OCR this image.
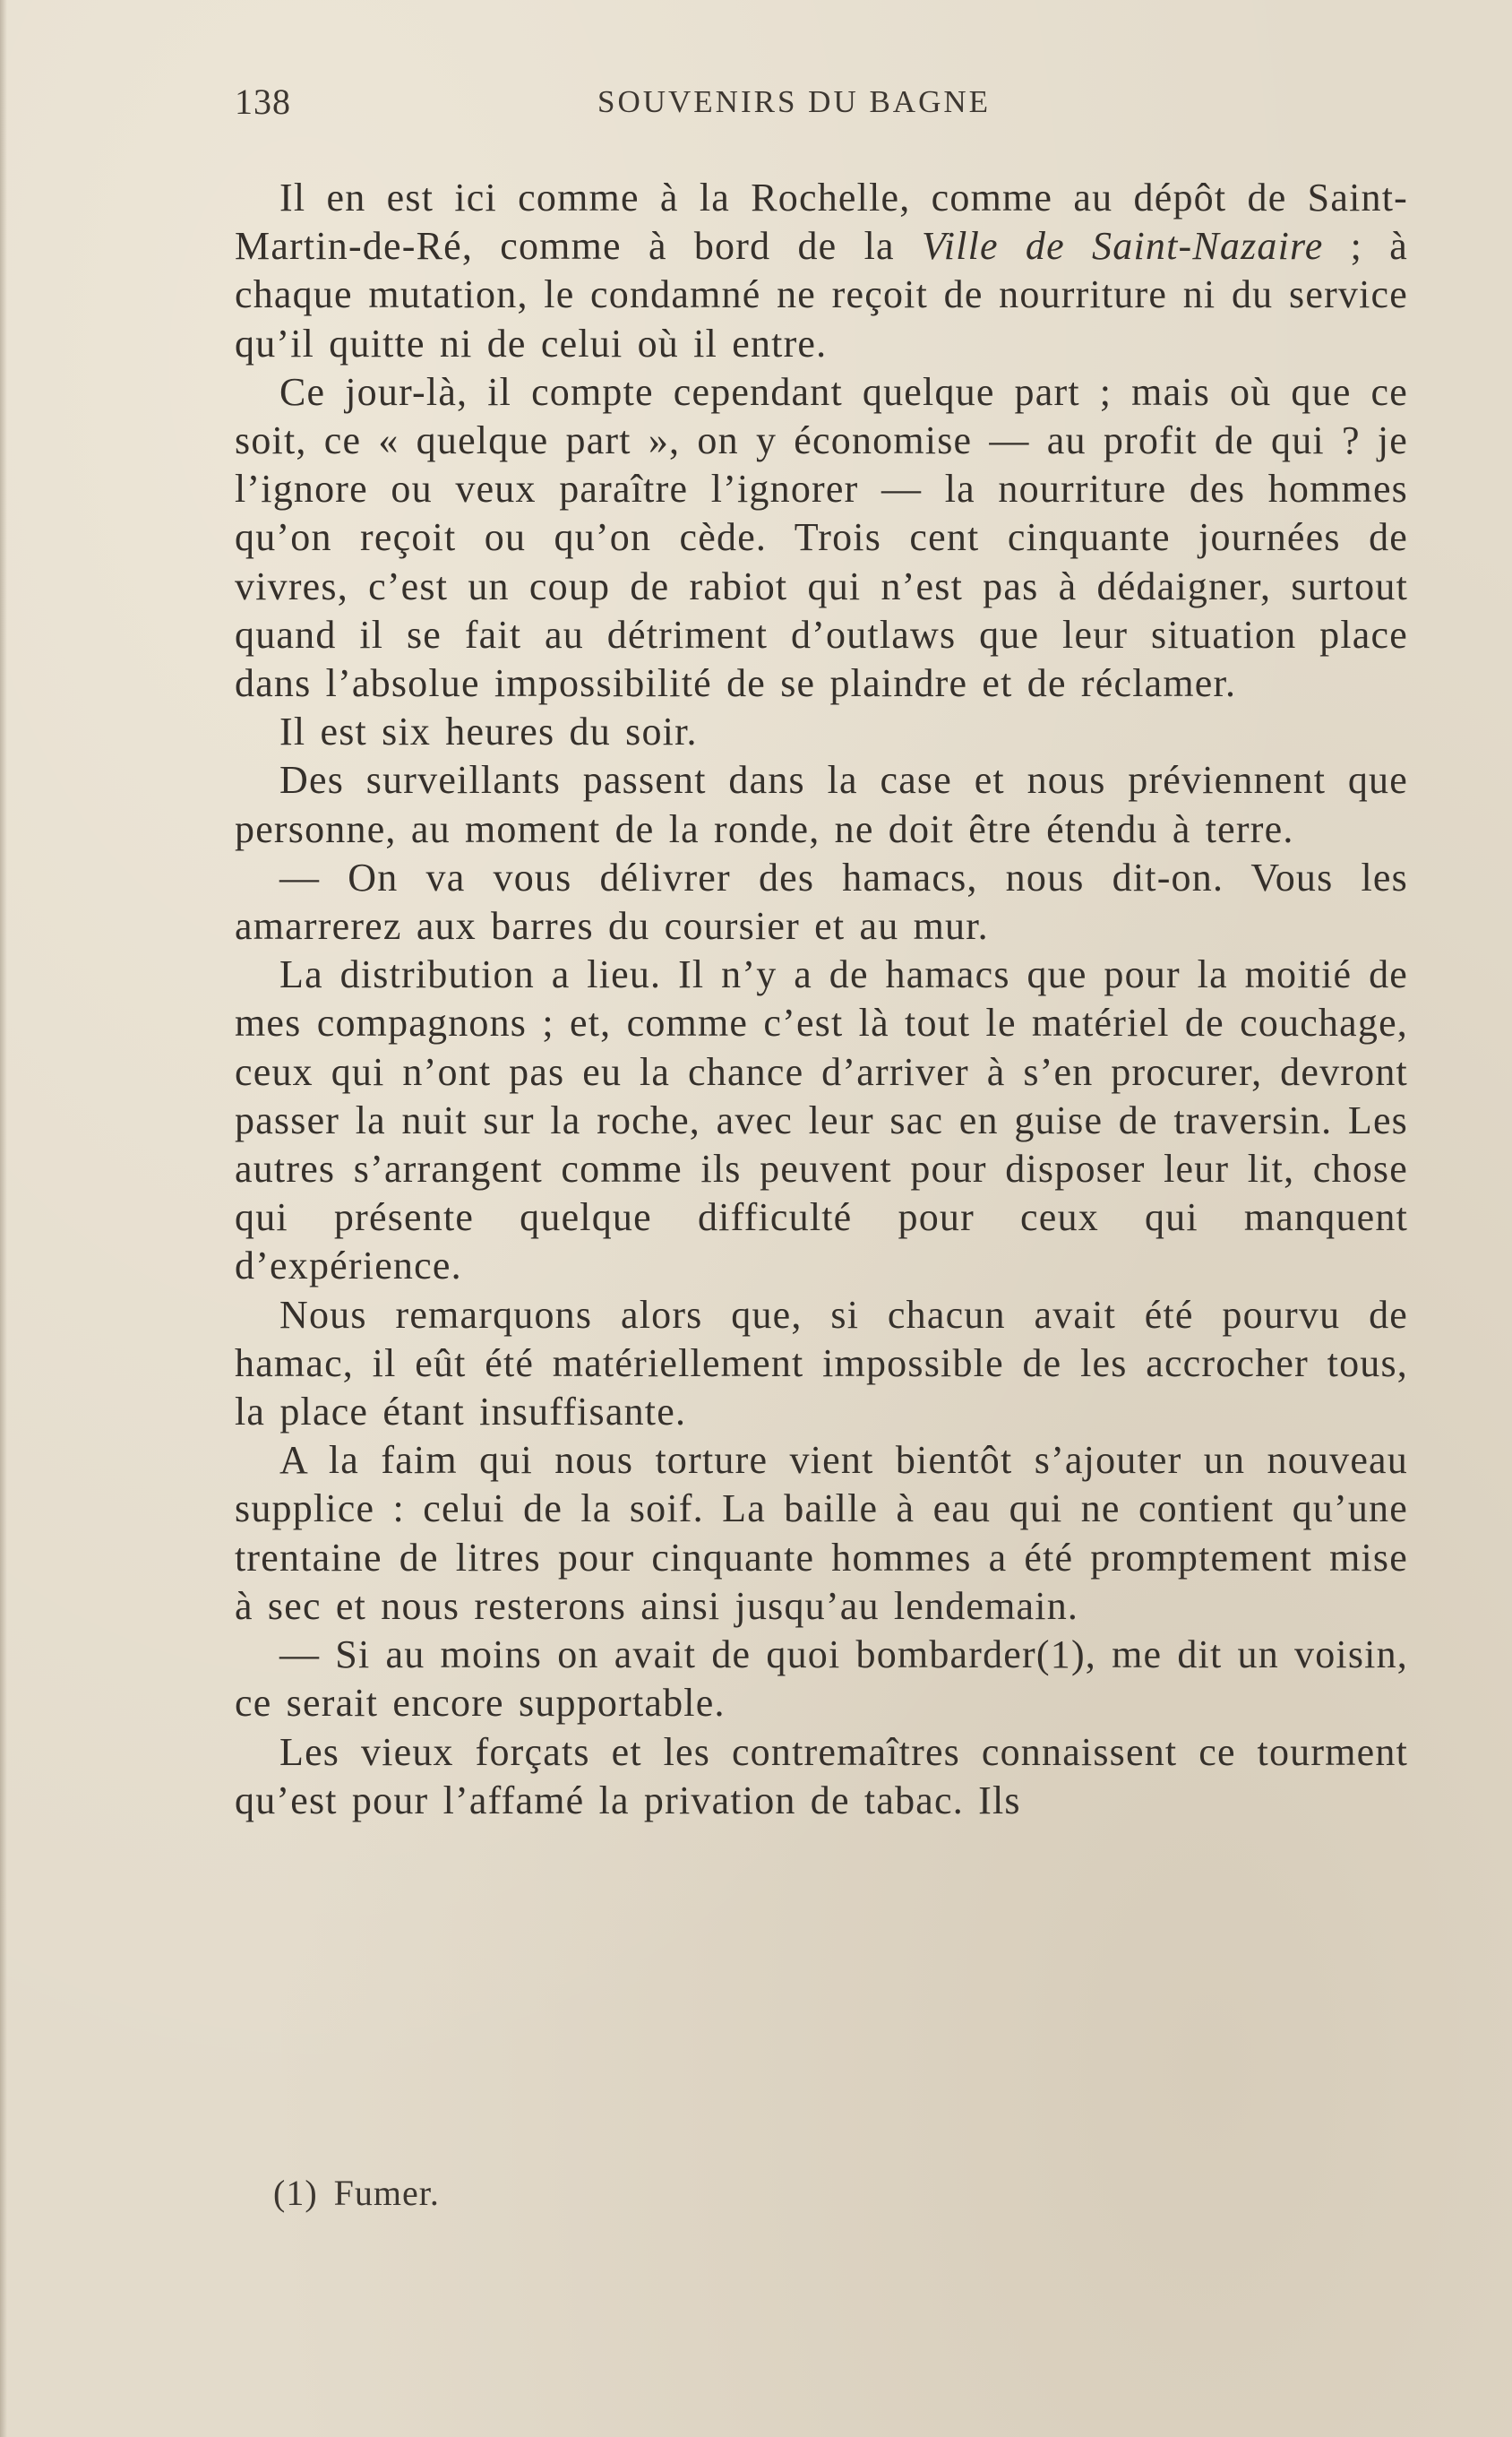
138	SOUVENIRS DU BAGNE

Il en est ici comme à la Rochelle, comme au dépôt de Saint-Martin-de-Ré, comme à bord de la Ville de Saint-Nazaire ; à chaque mutation, le condamné ne reçoit de nourriture ni du service qu’il quitte ni de celui où il entre.

Ce jour-là, il compte cependant quelque part ; mais où que ce soit, ce « quelque part », on y économise — au profit de qui ? je l’ignore ou veux paraître l’ignorer — la nourriture des hommes qu’on reçoit ou qu’on cède. Trois cent cinquante journées de vivres, c’est un coup de rabiot qui n’est pas à dédaigner, surtout quand il se fait au détriment d’outlaws que leur situation place dans l’absolue impossibilité de se plaindre et de réclamer.

Il est six heures du soir.

Des surveillants passent dans la case et nous préviennent que personne, au moment de la ronde, ne doit être étendu à terre.

— On va vous délivrer des hamacs, nous dit-on. Vous les amarrerez aux barres du coursier et au mur.

La distribution a lieu. Il n’y a de hamacs que pour la moitié de mes compagnons ; et, comme c’est là tout le matériel de couchage, ceux qui n’ont pas eu la chance d’arriver à s’en procurer, devront passer la nuit sur la roche, avec leur sac en guise de traversin. Les autres s’arrangent comme ils peuvent pour disposer leur lit, chose qui présente quelque difficulté pour ceux qui manquent d’expérience.

Nous remarquons alors que, si chacun avait été pourvu de hamac, il eût été matériellement impossible de les accrocher tous, la place étant insuffisante.

A la faim qui nous torture vient bientôt s’ajouter un nouveau supplice : celui de la soif. La baille à eau qui ne contient qu’une trentaine de litres pour cinquante hommes a été promptement mise à sec et nous resterons ainsi jusqu’au lendemain.

— Si au moins on avait de quoi bombarder(1), me dit un voisin, ce serait encore supportable.

Les vieux forçats et les contremaîtres connaissent ce tourment qu’est pour l’affamé la privation de tabac. Ils

(1) Fumer.
